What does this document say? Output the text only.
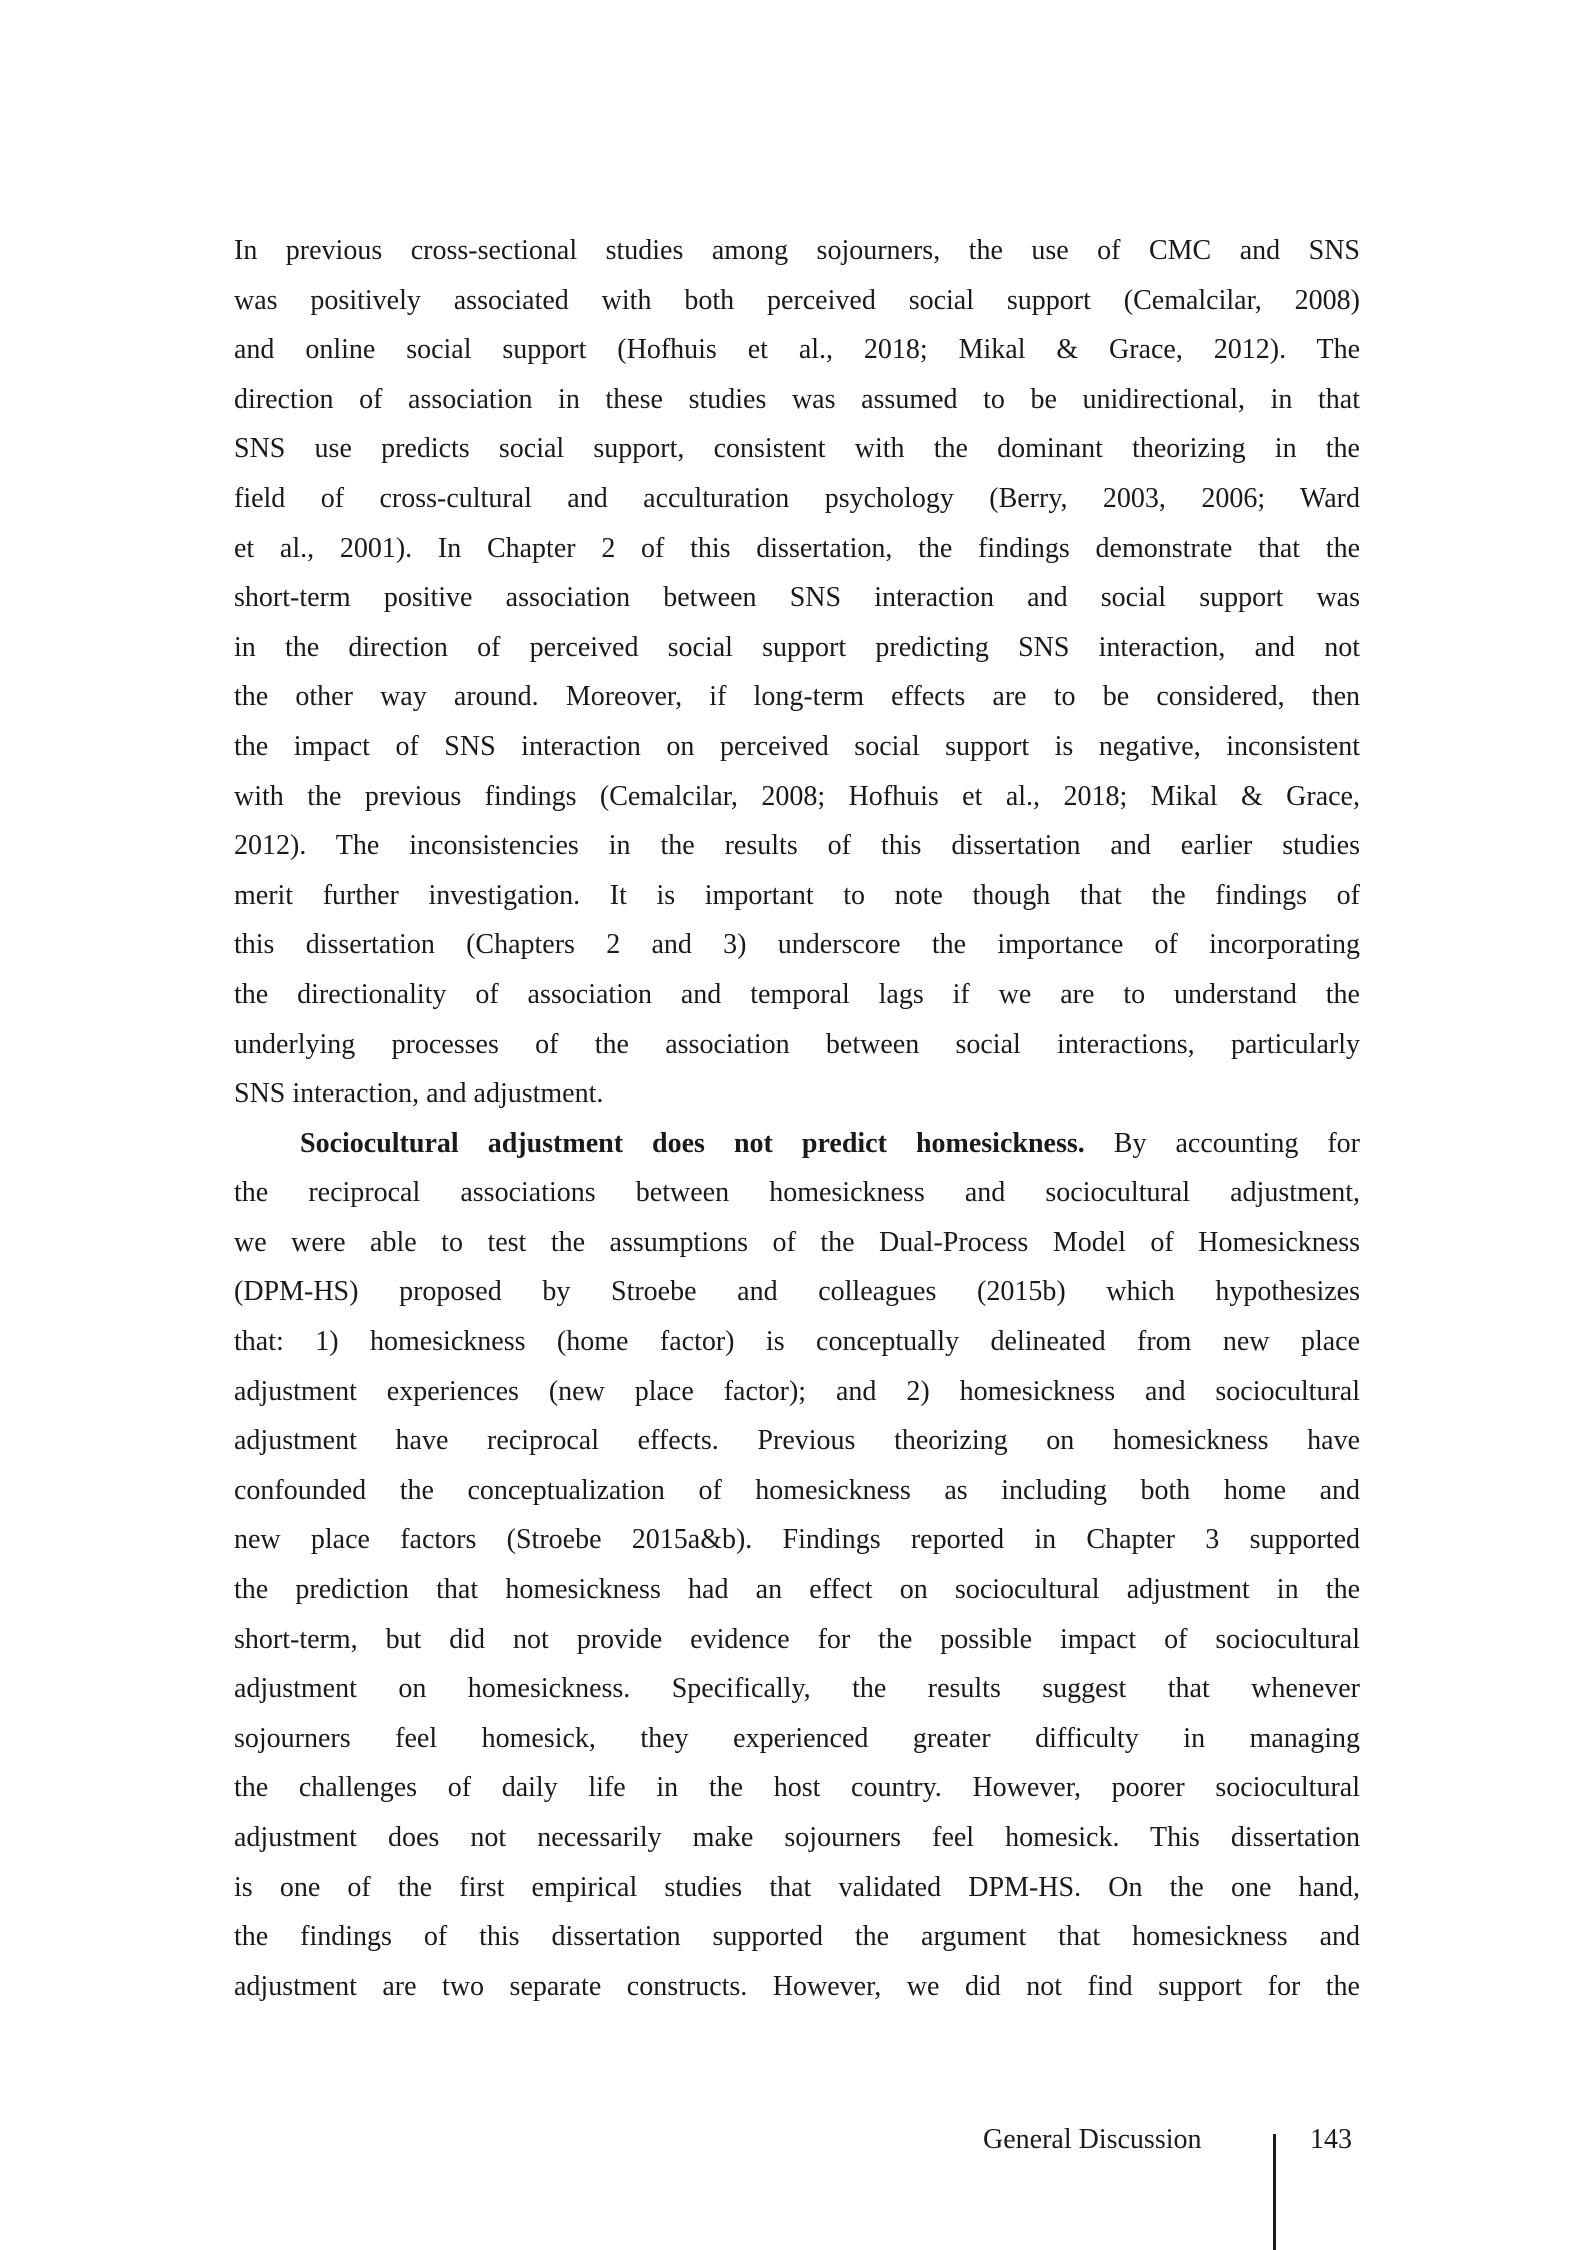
In previous cross-sectional studies among sojourners, the use of CMC and SNS
was positively associated with both perceived social support (Cemalcilar, 2008)
and online social support (Hofhuis et al., 2018; Mikal & Grace, 2012). The
direction of association in these studies was assumed to be unidirectional, in that
SNS use predicts social support, consistent with the dominant theorizing in the
field of cross-cultural and acculturation psychology (Berry, 2003, 2006; Ward
et al., 2001). In Chapter 2 of this dissertation, the findings demonstrate that the
short-term positive association between SNS interaction and social support was
in the direction of perceived social support predicting SNS interaction, and not
the other way around. Moreover, if long-term effects are to be considered, then
the impact of SNS interaction on perceived social support is negative, inconsistent
with the previous findings (Cemalcilar, 2008; Hofhuis et al., 2018; Mikal & Grace,
2012). The inconsistencies in the results of this dissertation and earlier studies
merit further investigation. It is important to note though that the findings of
this dissertation (Chapters 2 and 3) underscore the importance of incorporating
the directionality of association and temporal lags if we are to understand the
underlying processes of the association between social interactions, particularly
SNS interaction, and adjustment.
Sociocultural adjustment does not predict homesickness. By accounting for
the reciprocal associations between homesickness and sociocultural adjustment,
we were able to test the assumptions of the Dual-Process Model of Homesickness
(DPM-HS) proposed by Stroebe and colleagues (2015b) which hypothesizes
that: 1) homesickness (home factor) is conceptually delineated from new place
adjustment experiences (new place factor); and 2) homesickness and sociocultural
adjustment have reciprocal effects. Previous theorizing on homesickness have
confounded the conceptualization of homesickness as including both home and
new place factors (Stroebe 2015a&b). Findings reported in Chapter 3 supported
the prediction that homesickness had an effect on sociocultural adjustment in the
short-term, but did not provide evidence for the possible impact of sociocultural
adjustment on homesickness. Specifically, the results suggest that whenever
sojourners feel homesick, they experienced greater difficulty in managing
the challenges of daily life in the host country. However, poorer sociocultural
adjustment does not necessarily make sojourners feel homesick. This dissertation
is one of the first empirical studies that validated DPM-HS. On the one hand,
the findings of this dissertation supported the argument that homesickness and
adjustment are two separate constructs. However, we did not find support for the
General Discussion	143
